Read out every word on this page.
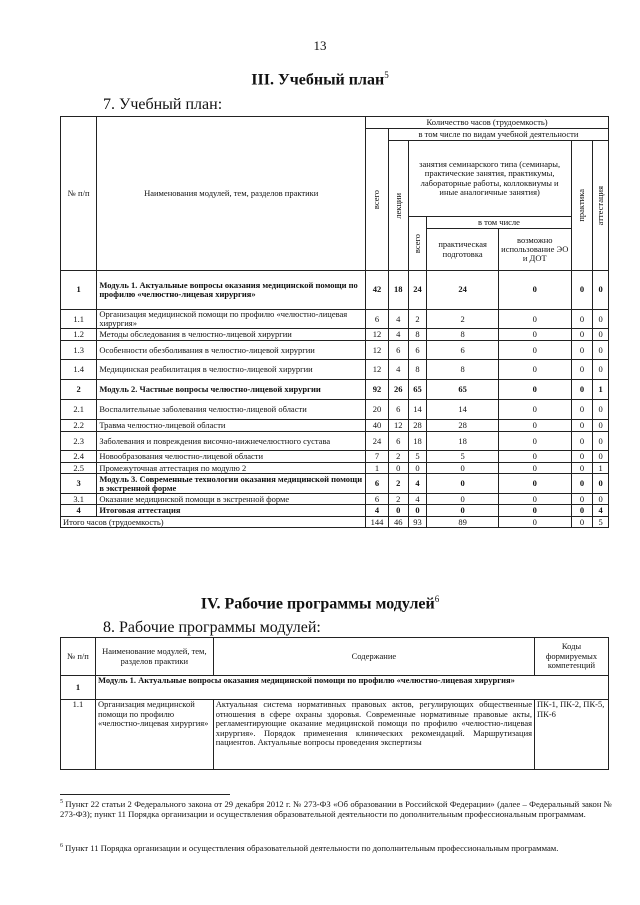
13
III. Учебный план$^5$
7. Учебный план:
№ п/п	Наименования модулей, тем, разделов практики	Количество часов (трудоемкость)						

		всего	в том числе по видам учебной деятельности					

			лекции	занятия семинарского типа (семинары, практические занятия, практикумы, лабораторные работы, коллоквиумы и иные аналогичные занятия)			практика	аттестация

				всего	в том числе			
					практическая подготовка	возможно использование ЭО и ДОТ		
1	Модуль 1. Актуальные вопросы оказания медицинской помощи по профилю «челюстно-лицевая хирургия»	42	18	24	24	0	0	0
1.1	Организация медицинской помощи по профилю «челюстно-лицевая хирургия»	6	4	2	2	0	0	0
1.2	Методы обследования в челюстно-лицевой хирургии	12	4	8	8	0	0	0
1.3	Особенности обезболивания в челюстно-лицевой хирургии	12	6	6	6	0	0	0
1.4	Медицинская реабилитация в челюстно-лицевой хирургии	12	4	8	8	0	0	0
2	Модуль 2. Частные вопросы челюстно-лицевой хирургии	92	26	65	65	0	0	1
2.1	Воспалительные заболевания челюстно-лицевой области	20	6	14	14	0	0	0
2.2	Травма челюстно-лицевой области	40	12	28	28	0	0	0
2.3	Заболевания и повреждения височно-нижнечелюстного сустава	24	6	18	18	0	0	0
2.4	Новообразования челюстно-лицевой области	7	2	5	5	0	0	0
2.5	Промежуточная аттестация по модулю 2	1	0	0	0	0	0	1
3	Модуль 3. Современные технологии оказания медицинской помощи в экстренной форме	6	2	4	0	0	0	0
3.1	Оказание медицинской помощи в экстренной форме	6	2	4	0	0	0	0
4	Итоговая аттестация	4	0	0	0	0	0	4
Итого часов (трудоемкость)		144	46	93	89	0	0	5
IV. Рабочие программы модулей$^6$
8. Рабочие программы модулей:
№ п/п	Наименование модулей, тем, разделов практики	Содержание	Коды формируемых компетенций
1	Модуль 1. Актуальные вопросы оказания медицинской помощи по профилю «челюстно-лицевая хирургия»		
1.1	Организация медицинской помощи по профилю «челюстно-лицевая хирургия»	Актуальная система нормативных правовых актов, регулирующих общественные отношения в сфере охраны здоровья. Современные нормативные правовые акты, регламентирующие оказание медицинской помощи по профилю «челюстно-лицевая хирургия». Порядок применения клинических рекомендаций. Маршрутизация пациентов. Актуальные вопросы проведения экспертизы	ПК-1, ПК-2, ПК-5, ПК-6
$^5$ Пункт 22 статьи 2 Федерального закона от 29 декабря 2012 г. № 273-ФЗ «Об образовании в Российской Федерации» (далее – Федеральный закон № 273-ФЗ); пункт 11 Порядка организации и осуществления образовательной деятельности по дополнительным профессиональным программам.
$^6$ Пункт 11 Порядка организации и осуществления образовательной деятельности по дополнительным профессиональным программам.
